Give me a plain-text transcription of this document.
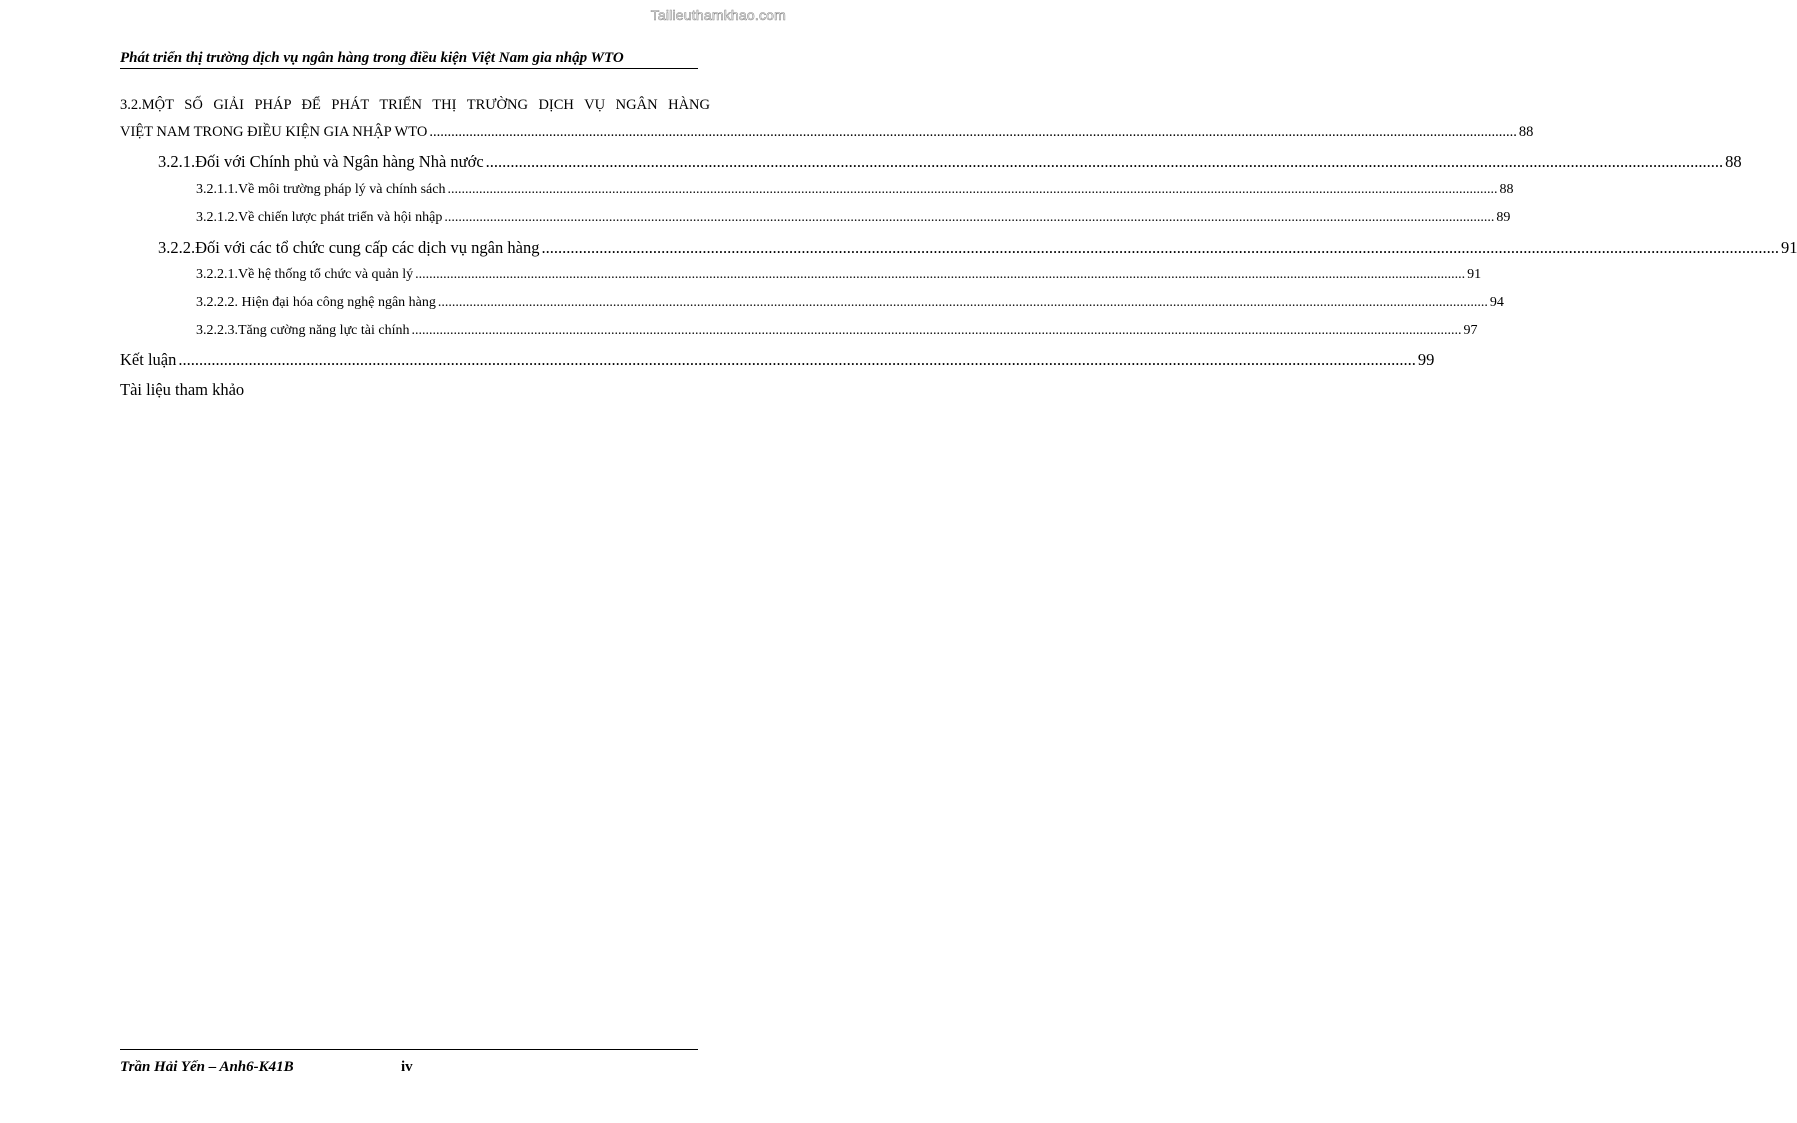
Tailieuthamkhao.com
Phát triển thị trường dịch vụ ngân hàng trong điều kiện Việt Nam gia nhập WTO
3.2.MỘT SỐ GIẢI PHÁP ĐỂ PHÁT TRIỂN THỊ TRƯỜNG DỊCH VỤ NGÂN HÀNG
VIỆT NAM TRONG ĐIỀU KIỆN GIA NHẬP WTO ............................................................................................................................................................................................................................................................................................................ 88
3.2.1.Đối với Chính phủ và Ngân hàng Nhà nước ............................................................................................................................................................................................................................................................................................................ 88
3.2.1.1.Về môi trường pháp lý và chính sách ............................................................................................................................................................................................................................................................................................................ 88
3.2.1.2.Về chiến lược phát triển và hội nhập ............................................................................................................................................................................................................................................................................................................ 89
3.2.2.Đối với các tổ chức cung cấp các dịch vụ ngân hàng ............................................................................................................................................................................................................................................................................................................ 91
3.2.2.1.Về hệ thống tổ chức và quản lý ............................................................................................................................................................................................................................................................................................................ 91
3.2.2.2. Hiện đại hóa công nghệ ngân hàng ............................................................................................................................................................................................................................................................................................................ 94
3.2.2.3.Tăng cường năng lực tài chính ............................................................................................................................................................................................................................................................................................................ 97
Kết luận ............................................................................................................................................................................................................................................................................................................ 99
Tài liệu tham khảo
Trần Hải Yến – Anh6-K41B	iv
